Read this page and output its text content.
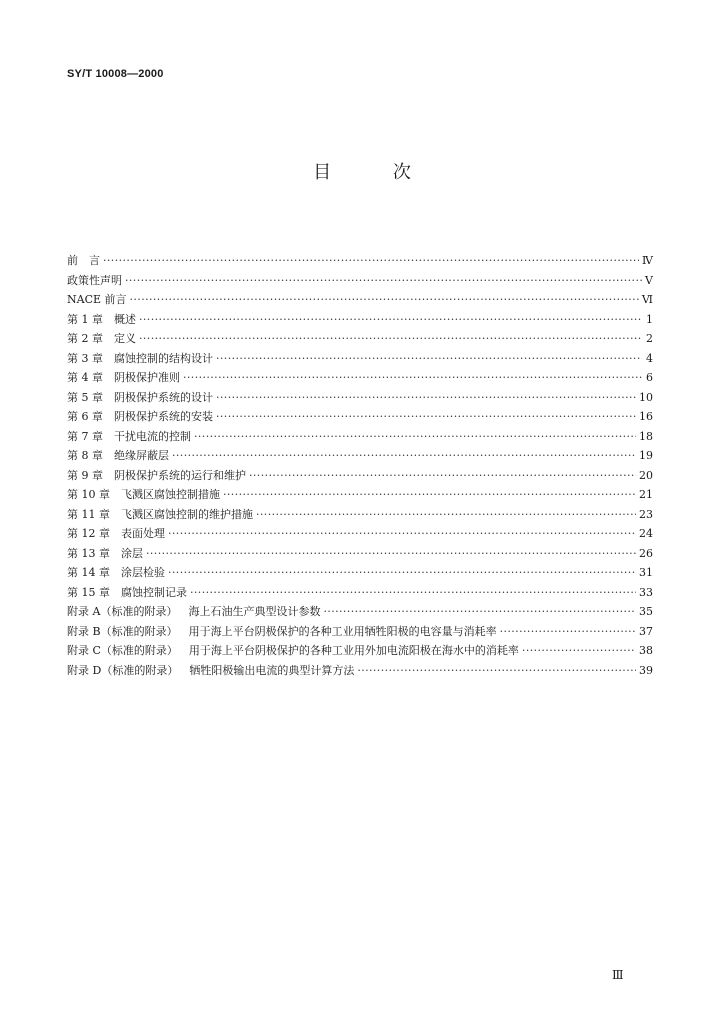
SY/T 10008—2000
目 次
前　言 ·····	Ⅳ
政策性声明 ·····	Ⅴ
NACE 前言 ·····	Ⅵ
第 1 章 概述 ·····	1
第 2 章 定义 ·····	2
第 3 章 腐蚀控制的结构设计 ·····	4
第 4 章 阴极保护准则 ·····	6
第 5 章 阴极保护系统的设计 ·····	10
第 6 章 阴极保护系统的安装 ·····	16
第 7 章 干扰电流的控制 ·····	18
第 8 章 绝缘屏蔽层 ·····	19
第 9 章 阴极保护系统的运行和维护 ·····	20
第 10 章 飞溅区腐蚀控制措施 ·····	21
第 11 章 飞溅区腐蚀控制的维护措施 ·····	23
第 12 章 表面处理 ·····	24
第 13 章 涂层 ·····	26
第 14 章 涂层检验 ·····	31
第 15 章 腐蚀控制记录 ·····	33
附录 A（标准的附录） 海上石油生产典型设计参数 ·····	35
附录 B（标准的附录） 用于海上平台阴极保护的各种工业用牺牲阳极的电容量与消耗率 ·····	37
附录 C（标准的附录） 用于海上平台阴极保护的各种工业用外加电流阳极在海水中的消耗率 ·····	38
附录 D（标准的附录） 牺牲阳极输出电流的典型计算方法 ·····	39
Ⅲ
